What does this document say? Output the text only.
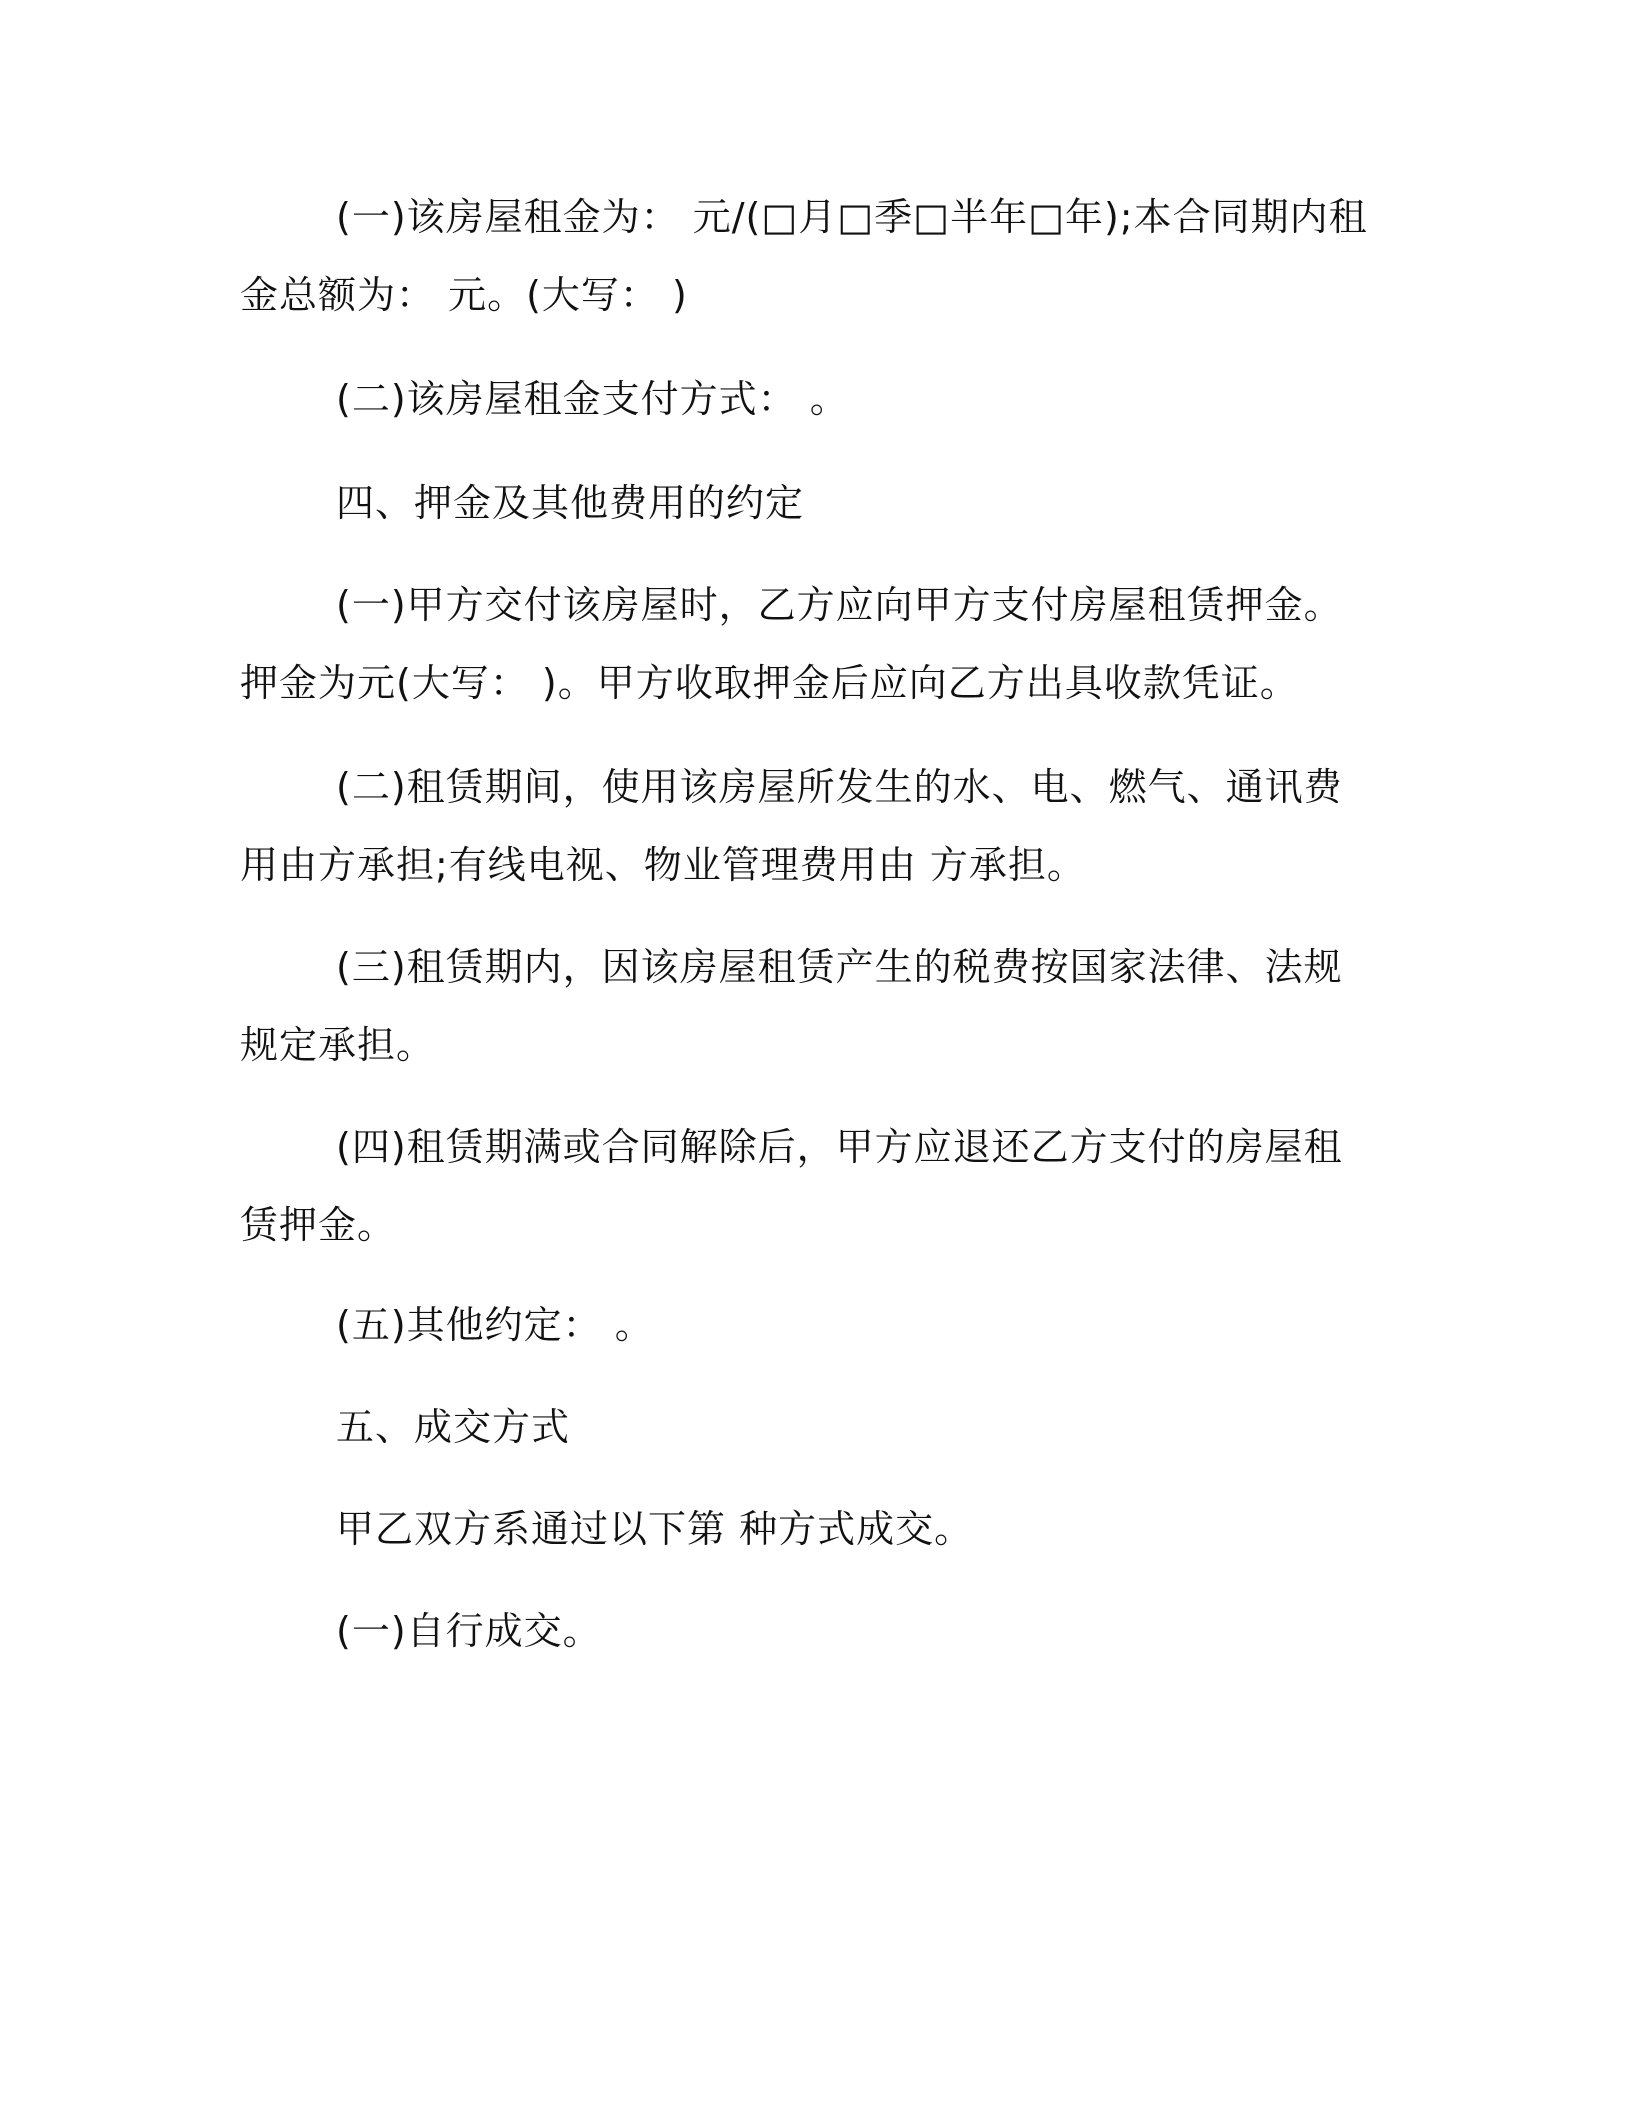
(一)该房屋租金为： 元/(□月□季□半年□年);本合同期内租金总额为： 元。(大写： )

(二)该房屋租金支付方式： 。

四、押金及其他费用的约定

(一)甲方交付该房屋时，乙方应向甲方支付房屋租赁押金。押金为元(大写： )。甲方收取押金后应向乙方出具收款凭证。

(二)租赁期间，使用该房屋所发生的水、电、燃气、通讯费用由方承担;有线电视、物业管理费用由 方承担。

(三)租赁期内，因该房屋租赁产生的税费按国家法律、法规规定承担。

(四)租赁期满或合同解除后，甲方应退还乙方支付的房屋租赁押金。

(五)其他约定： 。

五、成交方式

甲乙双方系通过以下第 种方式成交。

(一)自行成交。
